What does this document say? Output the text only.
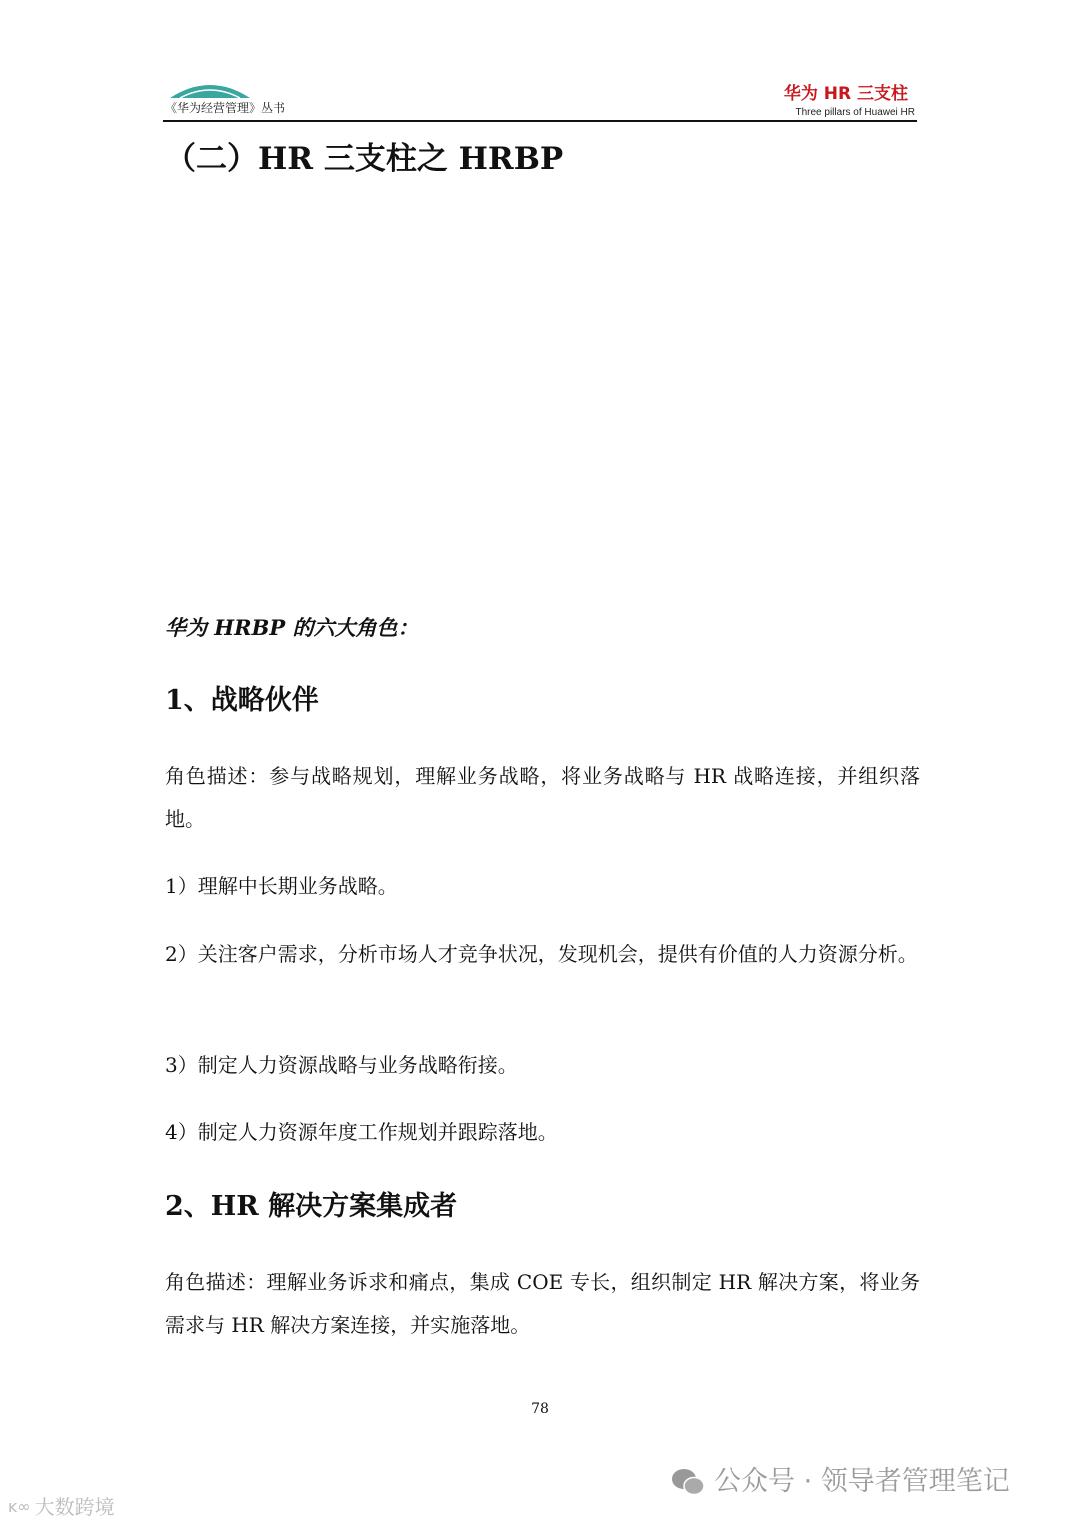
《华为经营管理》丛书
华为 HR 三支柱
Three pillars of Huawei HR
（二）HR 三支柱之 HRBP
华为 HRBP 的六大角色：
1、战略伙伴
角色描述：参与战略规划，理解业务战略，将业务战略与 HR 战略连接，并组织落地。
1）理解中长期业务战略。
2）关注客户需求，分析市场人才竞争状况，发现机会，提供有价值的人力资源分析。
3）制定人力资源战略与业务战略衔接。
4）制定人力资源年度工作规划并跟踪落地。
2、HR 解决方案集成者
角色描述：理解业务诉求和痛点，集成 COE 专长，组织制定 HR 解决方案，将业务需求与 HR 解决方案连接，并实施落地。
78
公众号 · 领导者管理笔记
ᴋ∞ 大数跨境
